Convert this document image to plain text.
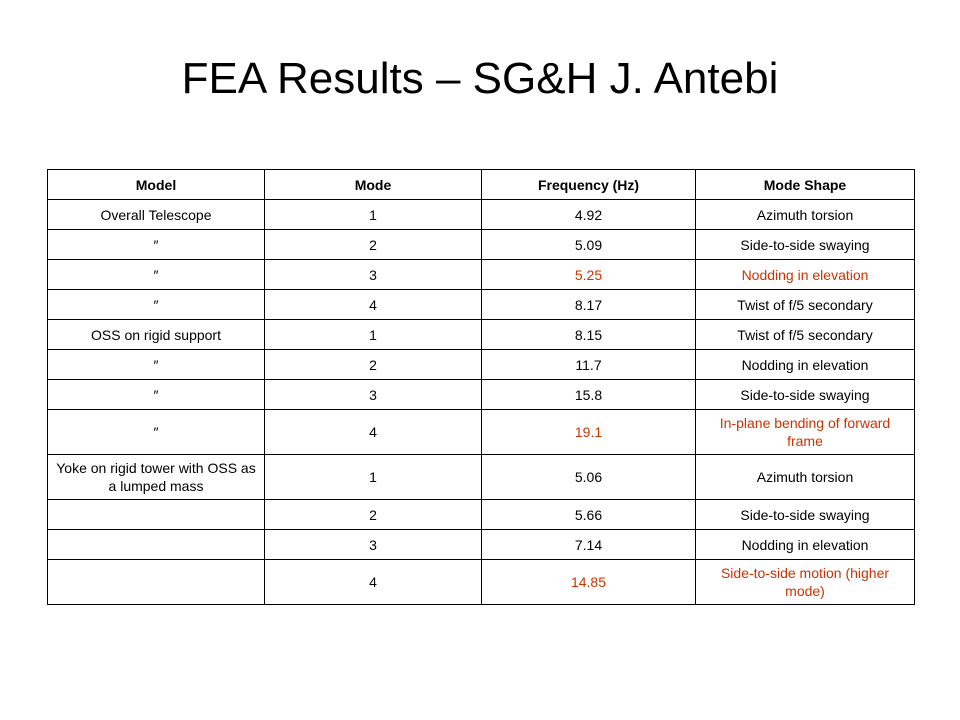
FEA Results – SG&H J. Antebi
Model	Mode	Frequency (Hz)	Mode Shape
Overall Telescope	1	4.92	Azimuth torsion
″	2	5.09	Side-to-side swaying
″	3	5.25	Nodding in elevation
″	4	8.17	Twist of f/5 secondary
OSS on rigid support	1	8.15	Twist of f/5 secondary
″	2	11.7	Nodding in elevation
″	3	15.8	Side-to-side swaying
″	4	19.1	In-plane bending of forward frame
Yoke on rigid tower with OSS as a lumped mass	1	5.06	Azimuth torsion
	2	5.66	Side-to-side swaying
	3	7.14	Nodding in elevation
	4	14.85	Side-to-side motion (higher mode)
